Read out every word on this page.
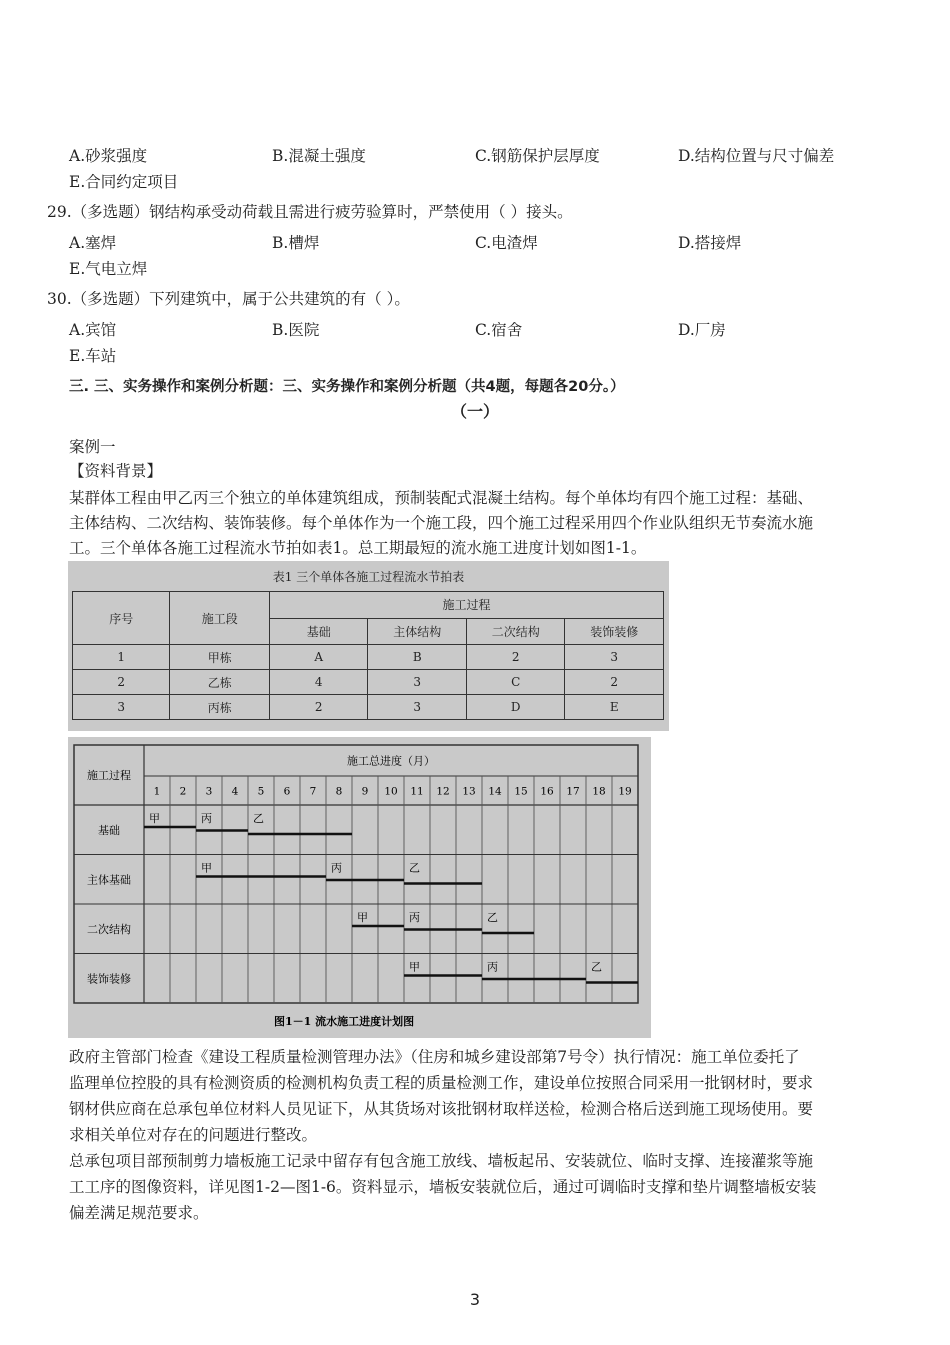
A.砂浆强度	B.混凝土强度	C.钢筋保护层厚度	D.结构位置与尺寸偏差
E.合同约定项目
29.（多选题）钢结构承受动荷载且需进行疲劳验算时，严禁使用（ ）接头。
A.塞焊	B.槽焊	C.电渣焊	D.搭接焊
E.气电立焊
30.（多选题）下列建筑中，属于公共建筑的有（ ）。
A.宾馆	B.医院	C.宿舍	D.厂房
E.车站
三. 三、实务操作和案例分析题：三、实务操作和案例分析题（共4题，每题各20分。）
（一）
案例一
【资料背景】
某群体工程由甲乙丙三个独立的单体建筑组成，预制装配式混凝土结构。每个单体均有四个施工过程：基础、
主体结构、二次结构、装饰装修。每个单体作为一个施工段，四个施工过程采用四个作业队组织无节奏流水施
工。三个单体各施工过程流水节拍如表1。总工期最短的流水施工进度计划如图1-1。
表1 三个单体各施工过程流水节拍表
序号	施工段	施工过程			
		基础	主体结构	二次结构	装饰装修
1	甲栋	A	B	2	3
2	乙栋	4	3	C	2
3	丙栋	2	3	D	E
施工过程
施工总进度（月）
1 2 3 4 5 6 7 8 9 10 11 12 13 14 15 16 17 18 19
基础
甲	丙	乙
主体基础
甲	丙	乙
二次结构
甲	丙	乙
装饰装修
甲	丙	乙
图1－1 流水施工进度计划图
政府主管部门检查《建设工程质量检测管理办法》（住房和城乡建设部第7号令）执行情况：施工单位委托了
监理单位控股的具有检测资质的检测机构负责工程的质量检测工作，建设单位按照合同采用一批钢材时，要求
钢材供应商在总承包单位材料人员见证下，从其货场对该批钢材取样送检，检测合格后送到施工现场使用。要
求相关单位对存在的问题进行整改。
总承包项目部预制剪力墙板施工记录中留存有包含施工放线、墙板起吊、安装就位、临时支撑、连接灌浆等施
工工序的图像资料，详见图1-2—图1-6。资料显示，墙板安装就位后，通过可调临时支撑和垫片调整墙板安装
偏差满足规范要求。
3
